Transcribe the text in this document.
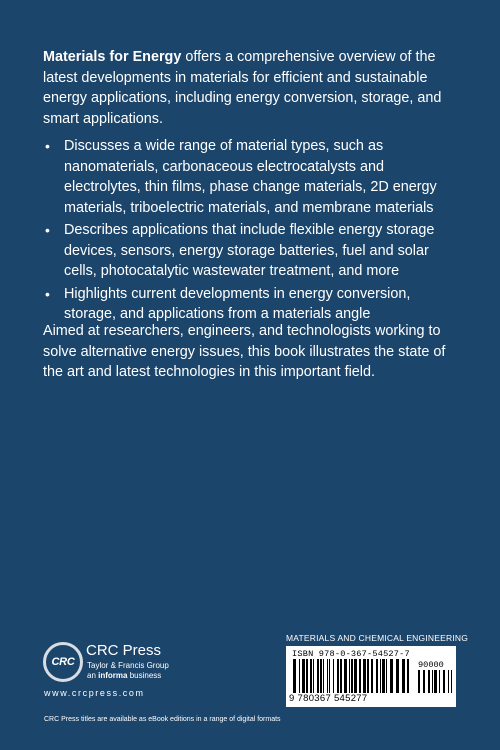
Materials for Energy offers a comprehensive overview of the latest developments in materials for efficient and sustainable energy applications, including energy conversion, storage, and smart applications.

• Discusses a wide range of material types, such as nanomaterials, carbonaceous electrocatalysts and electrolytes, thin films, phase change materials, 2D energy materials, triboelectric materials, and membrane materials
• Describes applications that include flexible energy storage devices, sensors, energy storage batteries, fuel and solar cells, photocatalytic wastewater treatment, and more
• Highlights current developments in energy conversion, storage, and applications from a materials angle

Aimed at researchers, engineers, and technologists working to solve alternative energy issues, this book illustrates the state of the art and latest technologies in this important field.

CRC
CRC Press
Taylor & Francis Group
an informa business
www.crcpress.com
CRC Press titles are available as eBook editions in a range of digital formats
MATERIALS AND CHEMICAL ENGINEERING
ISBN 978-0-367-54527-7
90000
9 780367 545277
